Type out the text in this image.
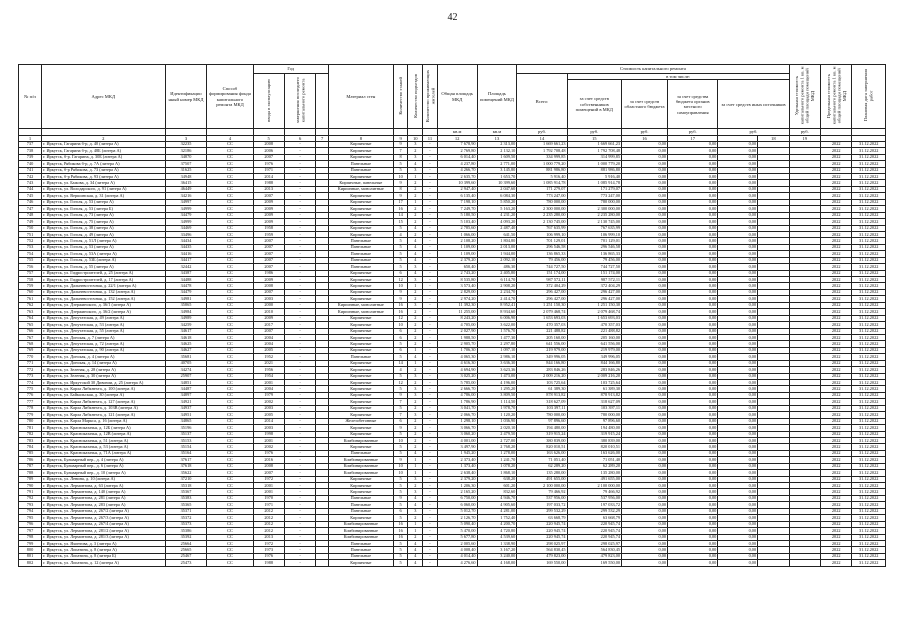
42
№ п/п	Адрес МКД	Идентификацио нный номер МКД	Способ формирования фонда капитального ремонта МКД	Год			Материал стен	Количество этажей	Количество подъездов	Количество проживающих жителей	Общая площадь МКД	Площадь помещений МКД	Стоимость капитального ремонта						Удельная стоимость капитального ремонта 1 кв. м общей площади помещений МКД	Предельная стоимость капитального ремонта 1 кв. м общей площади помещений МКД	Плановая дата завершения работ
				ввода в эксплуатацию	завершения последнего капитального ремонта								Всего:	в том числе:							
														за счет средств собственников помещений в МКД	за счет средств областного бюджета	за счет средства бюджета органов местного самоуправления	за счет средств иных источников				
											кв.м	кв.м	руб.	руб.	руб.	руб.	руб.		руб.		
1	2	3	4	5	6	7	8	9	10	11	12	13	14	15	16	17		18	19		
737	г. Иркутск, Гагарина б-р, д. 40 (литера А)	32235	СС	2008	-		Кирпичные	9	3	-	7 678,90	2 313,00	1 669 661,23	1 669 661,23	0,00	0,00	0,00			2022	31.12.2022
738	г. Иркутск, Гагарина б-р, д. 48Б (литера А)	32186	СС	2006	-		Кирпичные	7	2	-	2 769,80	2 132,10	1 792 708,48	1 792 708,48	0,00	0,00	0,00			2022	31.12.2022
739	г. Иркутск, б-р. Гагарина, д. 30Б (литера А)	34870	СС	2007	-		Кирпичные	8	3	-	6 014,40	1 609,50	334 999,85	314 999,85	0,00	0,00	0,00			2022	31.12.2022
740	г. Иркутск, Рябикова б-р, д. 7А (литера А)	37507	СС	1976	-		Панельные	5	4	-	4 237,80	2 771,00	1 000 779,20	1 000 779,20	0,00	0,00	0,00			2022	31.12.2022
741	г. Иркутск, б-р Рябикова, д. 73 (литера А)	31625	СС	1971	-		Панельные	5	3	-	4 266,70	3 145,80	881 986,80	881 986,80	0,00	0,00	0,00			2022	31.12.2022
742	г. Иркутск, б-р Рябикова, д. 93 (литера А)	34948	СС	2014	-		Кирпичные	10	1	-	2 635,70	1 653,70	5 916,40	5 916,40	0,00	0,00	0,00			2022	31.12.2022
743	г. Иркутск, ул. Бажова, д. 34 (литера А)	36415	СС	1988	-		Кирпичные, панельные	9	2	-	10 399,60	10 399,60	1 085 914,78	1 085 914,78	0,00	0,00	0,00			2022	31.12.2022
744	г. Иркутск, ул. Володарского, д. 91 (литера А)	46449	СС	2013	-		Кирпичные, монолитные	8	2	-	2 947,40	2 047,60	171 279,07	171 279,07	0,00	0,00	0,00			2022	31.12.2022
745	г. Иркутск, ул. Вершинская, д. 31 (литера А)	34216	СС	2007	-		Кирпичные	9	2	-	6 135,40	6 084,30	773 247,00	773 247,00	0,00	0,00	0,00			2022	31.12.2022
746	г. Иркутск, ул. Гоголя, д. 53 (литера А)	34997	СС	2009	-		Кирпичные	17	1	-	7 198,10	5 850,20	780 000,00	780 000,00	0,00	0,00	0,00			2022	31.12.2022
747	г. Иркутск, ул. Гоголя, д. 53 (литера Б)	34999	СС	2009	-		Кирпичные	16	2	-	7 249,70	5 163,20	2 300 000,00	2 300 000,00	0,00	0,00	0,00			2022	31.12.2022
748	г. Иркутск, ул. Гоголя, д. 73 (литера А)	34479	СС	2009	-		Кирпичные	14	2	-	5 180,50	4 231,20	2 235 280,00	2 235 280,00	0,00	0,00	0,00			2022	31.12.2022
749	г. Иркутск, ул. Гоголя, д. 75 (литера А)	34999	СС	2009	-		Кирпичные	15	2	-	5 103,40	4 093,20	2 130 745,00	2 130 745,00	0,00	0,00	0,00			2022	31.12.2022
750	г. Иркутск, ул. Гоголя, д. 38 (литера А)	34469	СС	1958	-		Кирпичные	5	4	-	2 785,60	2 487,40	767 635,99	767 635,99	0,00	0,00	0,00			2022	31.12.2022
751	г. Иркутск, ул. Гоголя, д. 49 (литера А)	33496	СС	1959	-		Кирпичные	4	2	-	1 066,00	641,50	106 999,10	106 999,10	0,00	0,00	0,00			2022	31.12.2022
752	г. Иркутск, ул. Гоголя, д. 51Л (литера А)	34434	СС	2007	-		Панельные	5	4	-	2 108,20	1 804,80	701 129,01	701 129,01	0,00	0,00	0,00			2022	31.12.2022
753	г. Иркутск, ул. Гоголя, д. 53 (литера А)	34435	СС	2007	-		Панельные	5	4	-	1 109,00	2 013,00	296 546,58	296 546,58	0,00	0,00	0,00			2022	31.12.2022
754	г. Иркутск, ул. Гоголя, д. 53А (литера А)	34416	СС	2007	-		Панельные	5	4	-	1 109,00	1 944,00	136 865,33	136 865,33	0,00	0,00	0,00			2022	31.12.2022
755	г. Иркутск, ул. Гоголя, д. 53Б (литера А)	34417	СС	2007	-		Панельные	5	4	-	2 379,20	2 092,10	79 456,00	79 456,00	0,00	0,00	0,00			2022	31.12.2022
756	г. Иркутск, ул. Гоголя, д. 55 (литера А)	32442	СС	2007	-		Панельные	5	3	-	650,40	486,30	744 727,50	744 727,50	0,00	0,00	0,00			2022	31.12.2022
757	г. Иркутск, ул. Гидростроителей, д. 25 (литера А)	34387	СС	1986	-		Кирпичные	6	4	-	2 743,20	2 405,80	151 174,00	151 174,00	0,00	0,00	0,00			2022	31.12.2022
758	г. Иркутск, ул. Гидростроителей, д. 17 (литера А)	34488	СС	2009	-		Кирпичные	12	3	-	8 535,80	6 114,70	987 572,11	987 572,11	0,00	0,00	0,00			2022	31.12.2022
759	г. Иркутск, ул. Дальневосточная, д. 22/1 (литера А)	34478	СС	2008	-		Кирпичные	10	1	-	3 573,40	2 908,20	372 404,29	372 404,29	0,00	0,00	0,00			2022	31.12.2022
760	г. Иркутск, ул. Дальневосточная, д. 132 (литера А)	34479	СС	2007	-		Кирпичные	9	2	-	2 829,00	2 234,70	296 427,00	296 427,00	0,00	0,00	0,00			2022	31.12.2022
761	г. Иркутск, ул. Дальневосточная, д. 152 (литера А)	34981	СС	2003	-		Кирпичные	9	2	-	2 974,20	2 414,70	296 427,00	296 427,00	0,00	0,00	0,00			2022	31.12.2022
762	г. Иркутск, ул. Дзержинского, д. 36/1 (литера А)	35865	СС	2000	-		Кирпичные, монолитные	16	3	-	11 392,30	8 952,41	1 251 150,30	1 251 150,30	0,00	0,00	0,00			2022	31.12.2022
763	г. Иркутск, ул. Дзержинского, д. 36/2 (литера А)	34984	СС	2010	-		Кирпичные, монолитные	16	2	-	11 255,00	8 934,60	2 079 468,74	2 079 468,74	0,00	0,00	0,00			2022	31.12.2022
764	г. Иркутск, ул. Депутатская, д. 49 (литера А)	34989	СС	2009	-		Кирпичные	12	2	-	8 243,20	6 006,90	1 653 693,03	1 653 693,03	0,00	0,00	0,00			2022	31.12.2022
765	г. Иркутск, ул. Депутатская, д. 53 (литера А)	34259	СС	2017	-		Кирпичные	10	2	-	4 705,00	3 622,00	470 357,03	470 357,03	0,00	0,00	0,00			2022	31.12.2022
766	г. Иркутск, ул. Депутатская, д. 55 (литера А)	34617	СС	2007	-		Кирпичные	6	2	-	2 027,90	1 576,70	221 488,82	221 488,82	0,00	0,00	0,00			2022	31.12.2022
767	г. Иркутск, ул. Донская, д. 7 (литера А)	34618	СС	2004	-		Кирпичные	6	2	-	1 988,50	1 477,30	205 160,00	205 160,00	0,00	0,00	0,00			2022	31.12.2022
768	г. Иркутск, ул. Депутатская, д. 72 (литера А)	34625	СС	2004	-		Кирпичные	5	2	-	2 905,70	2 297,80	641 556,00	641 556,00	0,00	0,00	0,00			2022	31.12.2022
769	г. Иркутск, ул. Депутатская, д. 90 (литера А)	34627	СС	2005	-		Кирпичные	6	1	-	1 706,30	1 097,10	219 979,00	219 979,00	0,00	0,00	0,00			2022	31.12.2022
770	г. Иркутск, ул. Донская, д. 4 (литера А)	35681	СС	1952	-		Панельные	5	4	-	4 065,30	2 986,10	349 996,05	349 996,05	0,00	0,00	0,00			2022	31.12.2022
771	г. Иркутск, ул. Донская, д. 14 (литера А)	40705	СС	2021	-		Кирпичные	14	1	-	4 616,30	3 636,30	844 166,80	844 166,80	0,00	0,00	0,00			2022	31.12.2022
772	г. Иркутск, ул. Зеленая, д. 28 (литера А)	34274	СС	1956	-		Кирпичные	4	2	-	4 694,90	3 623,36	283 846,26	283 846,26	0,00	0,00	0,00			2022	31.12.2022
773	г. Иркутск, ул. Зеленая, д. 30 (литера А)	25907	СС	1954	-		Кирпичные	5	3	-	3 025,20	1 473,00	2 009 216,20	2 009 216,20	0,00	0,00	0,00			2022	31.12.2022
774	г. Иркутск, ул. Иркутской 30 Дивизии, д. 25 (литера А)	34851	СС	2001	-		Кирпичные	12	2	-	5 785,00	4 196,00	103 725,64	103 725,64	0,00	0,00	0,00			2022	31.12.2022
775	г. Иркутск, ул. Карла Либкнехта, д. 100 (литера А)	34487	СС	2004	-		Кирпичные	5	3	-	2 666,70	1 295,20	61 389,30	61 389,30	0,00	0,00	0,00			2022	31.12.2022
776	г. Иркутск, ул. Байкальская, д. 30 (литера А)	34897	СС	1979	-		Кирпичные	9	3	-	4 786,00	3 809,50	878 913,82	878 913,82	0,00	0,00	0,00			2022	31.12.2022
777	г. Иркутск, ул. Карла Либкнехта, д. 127 (литера А)	34921	СС	2002	-		Кирпичные	7	2	-	1 786,90	1 114,50	318 627,09	318 627,09	0,00	0,00	0,00			2022	31.12.2022
778	г. Иркутск, ул. Карла Либкнехта, д. 103В (литера А)	34937	СС	2003	-		Кирпичные	5	2	-	3 041,70	1 978,70	103 397,11	103 397,11	0,00	0,00	0,00			2022	31.12.2022
779	г. Иркутск, ул. Карла Либкнехта, д. 121 (литера А)	34951	СС	2005	-		Кирпичные	7	3	-	2 066,70	1 120,20	780 000,00	780 000,00	0,00	0,00	0,00			2022	31.12.2022
780	г. Иркутск, ул. Карла Маркса, д. 16 (литера А)	34865	СС	2014	-		Железобетонные	6	2	-	1 298,10	1 036,90	97 896,60	97 896,60	0,00	0,00	0,00			2022	31.12.2022
781	г. Иркутск, ул. Красноказачья, д. 12Б (литера А)	35196	СС	2003	-		Кирпичные	9	2	-	3 066,70	2 020,10	194 480,00	194 480,00	0,00	0,00	0,00			2022	31.12.2022
782	г. Иркутск, ул. Красноказачья, д. 12В (литера А)	35137	СС	1998	-		Кирпичные	5	2	-	3 060,20	2 479,50	319 915,24	319 915,24	0,00	0,00	0,00			2022	31.12.2022
783	г. Иркутск, ул. Красноказачья, д. 51 (литера А)	35153	СС	2001	-		Комбинированные	10	2	-	4 001,00	2 727,00	380 839,00	380 839,00	0,00	0,00	0,00			2022	31.12.2022
784	г. Иркутск, ул. Красноказачья, д. 53 (литера А)	35154	СС	2002	-		Кирпичные	5	2	-	3 497,90	2 768,20	820 010,51	820 010,51	0,00	0,00	0,00			2022	31.12.2022
785	г. Иркутск, ул. Красноказачья, д. 71А (литера А)	35164	СС	1976	-		Панельные	5	4	-	1 945,20	1 278,00	163 626,00	163 626,00	0,00	0,00	0,00			2022	31.12.2022
786	г. Иркутск, Бульварный пер., д. 4 (литера А)	37617	СС	2016	-		Комбинированные	9	1	-	2 373,40	1 241,70	71 051,40	71 051,40	0,00	0,00	0,00			2022	31.12.2022
787	г. Иркутск, Бульварный пер., д. 6 (литера А)	37618	СС	2008	-		Комбинированные	10	1	-	1 373,40	1 078,20	62 289,20	62 289,20	0,00	0,00	0,00			2022	31.12.2022
788	г. Иркутск, Бульварный пер., д. 10 (литера А)	35622	СС	2007	-		Комбинированные	10	1	-	2 638,40	1 868,10	135 280,00	135 280,00	0,00	0,00	0,00			2022	31.12.2022
789	г. Иркутск, ул. Ленина, д. 10 (литера А)	37210	СС	1972	-		Кирпичные	5	3	-	2 379,20	638,20	491 655,00	491 655,00	0,00	0,00	0,00			2022	31.12.2022
790	г. Иркутск, ул. Лермонтова, д. 63 (литера А)	35318	СС	2001	-		Кирпичные	5	2	-	1 206,30	601,20	2 100 000,00	2 100 000,00	0,00	0,00	0,00			2022	31.12.2022
791	г. Иркутск, ул. Лермонтова, д. 140 (литера А)	35367	СС	2001	-		Кирпичные	5	3	-	2 165,20	832,60	79 466,92	79 466,92	0,00	0,00	0,00			2022	31.12.2022
792	г. Иркутск, ул. Лермонтова, д. 281 (литера А)	35383	СС	1970	-		Панельные	9	4	-	6 750,00	4 946,70	537 956,00	537 956,00	0,00	0,00	0,00			2022	31.12.2022
793	г. Иркутск, ул. Лермонтова, д. 283 (литера А)	35365	СС	1971	-		Панельные	5	4	-	6 060,00	4 905,60	197 033,72	197 033,72	0,00	0,00	0,00			2022	31.12.2022
794	г. Иркутск, ул. Лермонтова, д. 267/2 (литера А)	35371	СС	2012	-		Панельные	6	3	-	5 012,70	4 281,00	299 532,29	299 532,29	0,00	0,00	0,00			2022	31.12.2022
795	г. Иркутск, ул. Лермонтова, д. 267/3 (литера А)	35372	СС	2012	-		Кирпичные	5	2	-	2 126,70	1 752,40	63 668,79	63 668,79	0,00	0,00	0,00			2022	31.12.2022
796	г. Иркутск, ул. Лермонтова, д. 267/4 (литера А)	35373	СС	2012	-		Комбинированные	16	1	-	5 090,40	4 200,70	220 945,74	220 945,74	0,00	0,00	0,00			2022	31.12.2022
797	г. Иркутск, ул. Лермонтова, д. 281/2 (литера А)	35386	СС	2012	-		Комбинированные	16	1	-	5 470,00	4 720,80	220 945,74	220 945,74	0,00	0,00	0,00			2022	31.12.2022
798	г. Иркутск, ул. Лермонтова, д. 281/3 (литера А)	35392	СС	2013	-		Комбинированные	16	2	-	5 677,80	4 539,60	220 945,74	220 945,74	0,00	0,00	0,00			2022	31.12.2022
799	г. Иркутск, ул. Яхонтова, д. 3 (литера А)	25664	СС	1972	-		Панельные	5	4	-	2 005,60	1 338,90	298 025,97	298 025,97	0,00	0,00	0,00			2022	31.12.2022
800	г. Иркутск, ул. Лопатина, д. 8 (литера А)	25665	СС	1973	-		Панельные	5	4	-	4 008,40	3 167,20	564 830,45	564 830,45	0,00	0,00	0,00			2022	31.12.2022
801	г. Иркутск, ул. Лопатина, д. 8 (литера Б)	25467	СС	1976	-		Панельные	5	4	-	4 014,40	3 240,00	479 823,00	479 823,00	0,00	0,00	0,00			2022	31.12.2022
802	г. Иркутск, ул. Лопатина, д. 12 (литера А)	25473	СС	1988	-		Кирпичные	5	4	-	4 276,60	4 168,00	169 550,00	169 550,00	0,00	0,00	0,00			2022	31.12.2022
